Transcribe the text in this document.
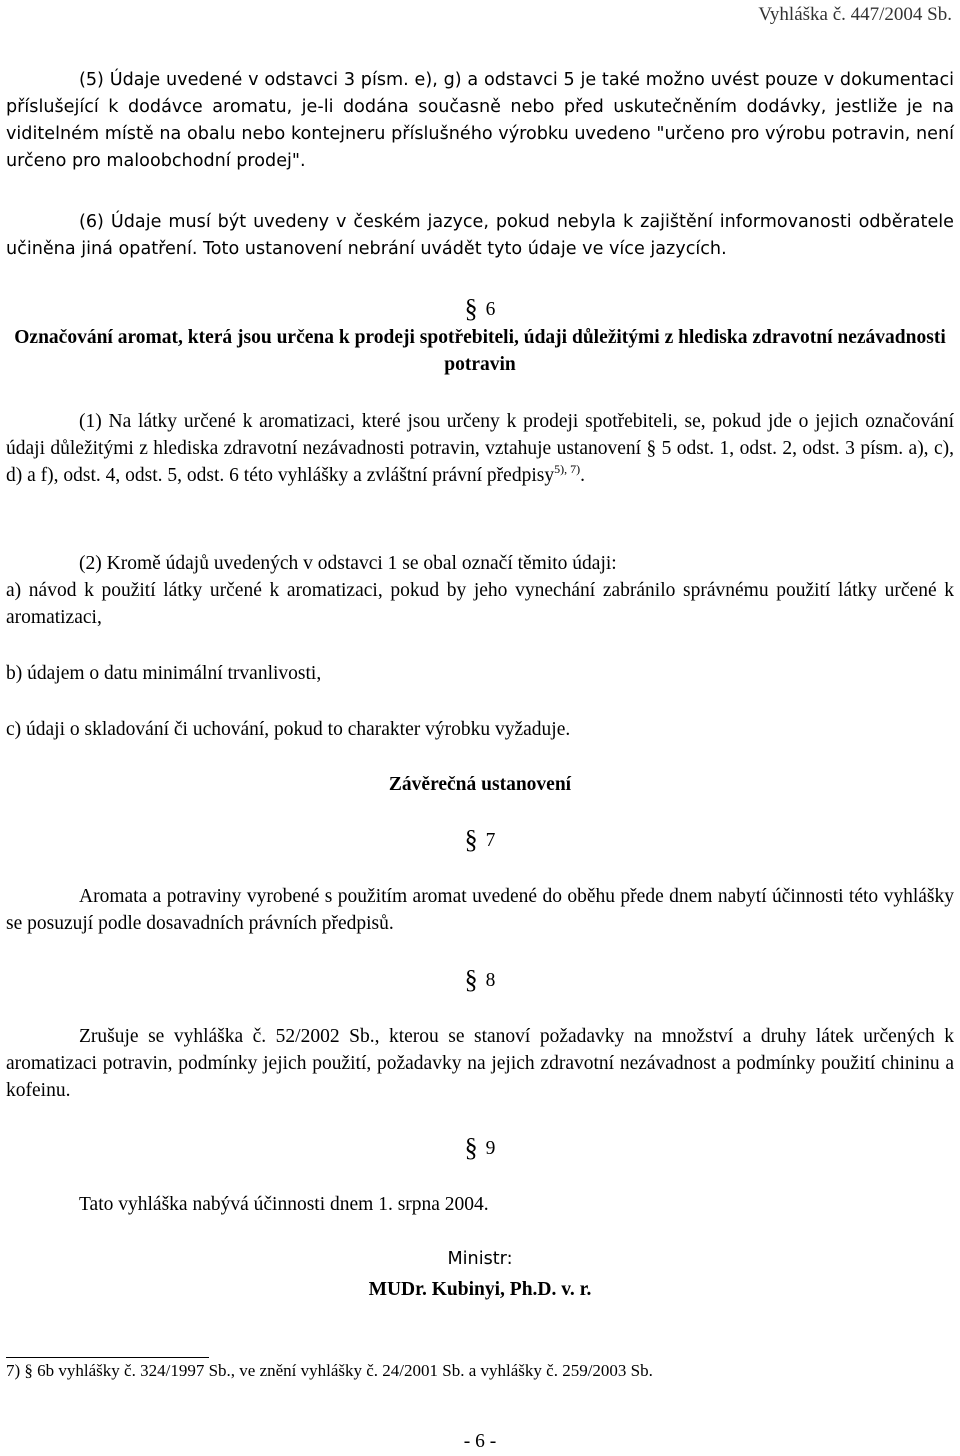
Vyhláška č. 447/2004 Sb.
(5) Údaje uvedené v odstavci 3 písm. e), g) a odstavci 5 je také možno uvést pouze v dokumentaci příslušející k dodávce aromatu, je-li dodána současně nebo před uskutečněním dodávky, jestliže je na viditelném místě na obalu nebo kontejneru příslušného výrobku uvedeno "určeno pro výrobu potravin, není určeno pro maloobchodní prodej".
(6) Údaje musí být uvedeny v českém jazyce, pokud nebyla k zajištění informovanosti odběratele učiněna jiná opatření. Toto ustanovení nebrání uvádět tyto údaje ve více jazycích.
§ 6
Označování aromat, která jsou určena k prodeji spotřebiteli, údaji důležitými z hlediska zdravotní nezávadnosti potravin
(1) Na látky určené k aromatizaci, které jsou určeny k prodeji spotřebiteli, se, pokud jde o jejich označování údaji důležitými z hlediska zdravotní nezávadnosti potravin, vztahuje ustanovení § 5 odst. 1, odst. 2, odst. 3 písm. a), c), d) a f), odst. 4, odst. 5, odst. 6 této vyhlášky a zvláštní právní předpisy$^{5), 7)}$.
(2) Kromě údajů uvedených v odstavci 1 se obal označí těmito údaji:
a) návod k použití látky určené k aromatizaci, pokud by jeho vynechání zabránilo správnému použití látky určené k aromatizaci,
b) údajem o datu minimální trvanlivosti,
c) údaji o skladování či uchování, pokud to charakter výrobku vyžaduje.
Závěrečná ustanovení
§ 7
Aromata a potraviny vyrobené s použitím aromat uvedené do oběhu přede dnem nabytí účinnosti této vyhlášky se posuzují podle dosavadních právních předpisů.
§ 8
Zrušuje se vyhláška č. 52/2002 Sb., kterou se stanoví požadavky na množství a druhy látek určených k aromatizaci potravin, podmínky jejich použití, požadavky na jejich zdravotní nezávadnost a podmínky použití chininu a kofeinu.
§ 9
Tato vyhláška nabývá účinnosti dnem 1. srpna 2004.
Ministr:
MUDr. Kubinyi, Ph.D. v. r.
7) § 6b vyhlášky č. 324/1997 Sb., ve znění vyhlášky č. 24/2001 Sb. a vyhlášky č. 259/2003 Sb.
- 6 -
